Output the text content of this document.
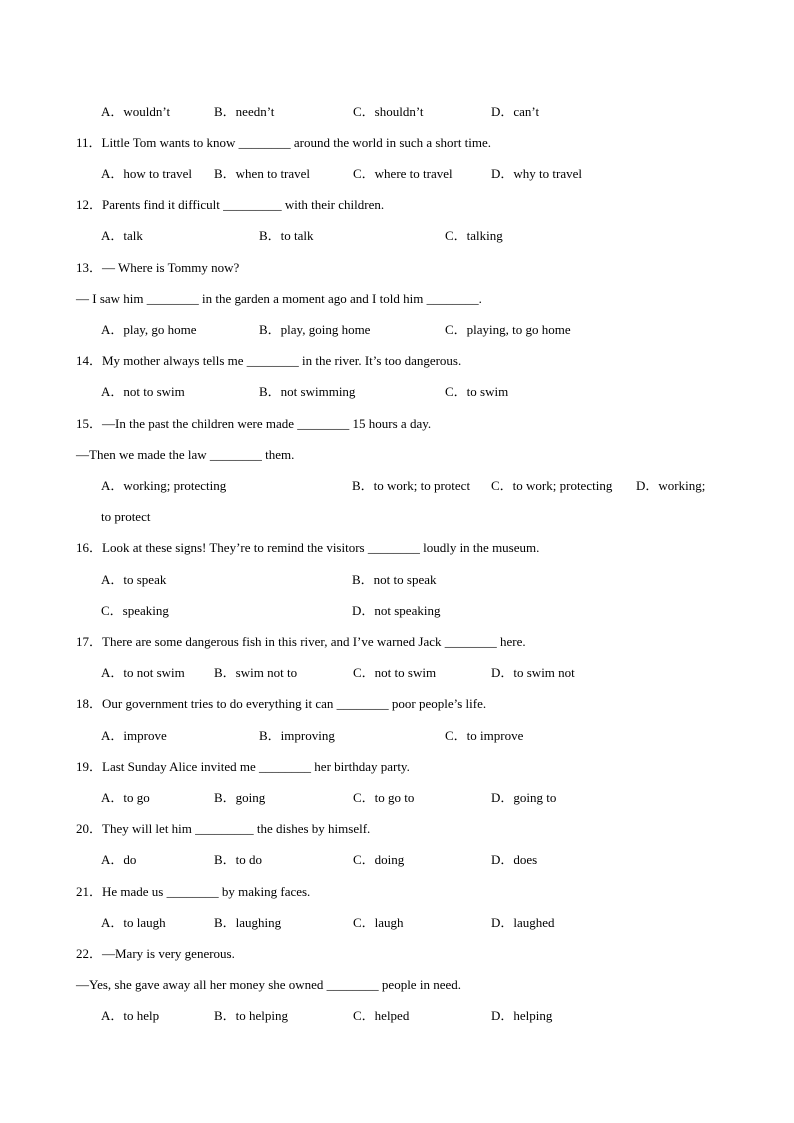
A．wouldn’t	B．needn’t	C．shouldn’t	D．can’t
11．Little Tom wants to know ________ around the world in such a short time.
A．how to travel B．when to travel	C．where to travel	D．why to travel
12．Parents find it difficult _________ with their children.
A．talk	B．to talk	C．talking
13．— Where is Tommy now?
— I saw him ________ in the garden a moment ago and I told him ________.
A．play, go home	B．play, going home	C．playing, to go home
14．My mother always tells me ________ in the river. It’s too dangerous.
A．not to swim	B．not swimming	C．to swim
15．—In the past the children were made ________ 15 hours a day.
—Then we made the law ________ them.
A．working; protecting	B．to work; to protect C．to work; protecting D．working;
to protect
16．Look at these signs! They’re to remind the visitors ________ loudly in the museum.
A．to speak	B．not to speak
C．speaking	D．not speaking
17．There are some dangerous fish in this river, and I’ve warned Jack ________ here.
A．to not swim B．swim not to	C．not to swim	D．to swim not
18．Our government tries to do everything it can ________ poor people’s life.
A．improve	B．improving	C．to improve
19．Last Sunday Alice invited me ________ her birthday party.
A．to go	B．going	C．to go to	D．going to
20．They will let him _________ the dishes by himself.
A．do	B．to do	C．doing	D．does
21．He made us ________ by making faces.
A．to laugh	B．laughing	C．laugh	D．laughed
22．—Mary is very generous.
—Yes, she gave away all her money she owned ________ people in need.
A．to help	B．to helping	C．helped	D．helping
